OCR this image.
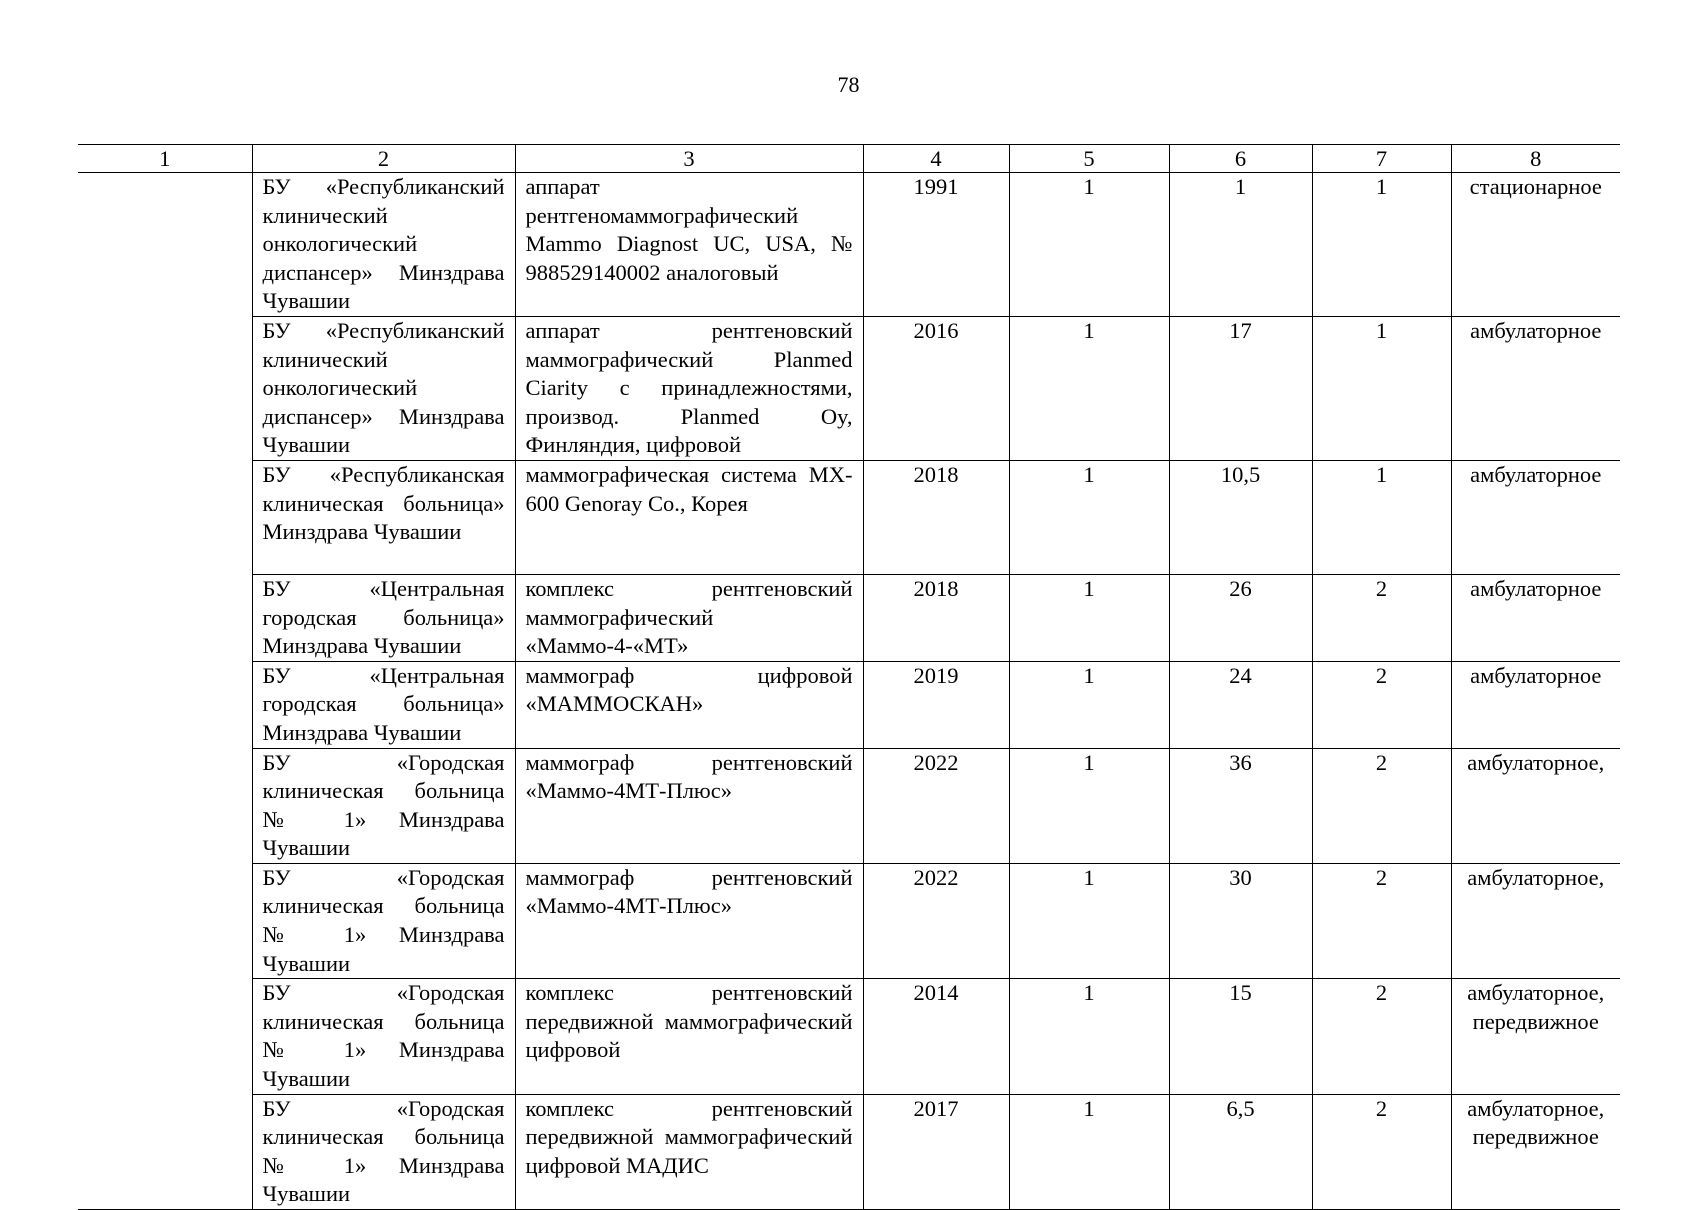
78
1	2	3	4	5	6	7	8
	БУ «Республиканский клинический онкологический диспансер» Минздрава Чувашии	аппарат рентгеномаммографический Mammo Diagnost UC, USA, № 988529140002 аналоговый	1991	1	1	1	стационарное
	БУ «Республиканский клинический онкологический диспансер» Минздрава Чувашии	аппарат рентгеновский маммографический Planmed Ciarity с принадлежностями, производ. Planmed Oy, Финляндия, цифровой	2016	1	17	1	амбулаторное
	БУ «Республиканская клиническая больница» Минздрава Чувашии	маммографическая система MX-600 Genoray Co., Корея	2018	1	10,5	1	амбулаторное
	БУ «Центральная городская больница» Минздрава Чувашии	комплекс рентгеновский маммографический «Маммо-4-«МТ»	2018	1	26	2	амбулаторное
	БУ «Центральная городская больница» Минздрава Чувашии	маммограф цифровой «МАММОСКАН»	2019	1	24	2	амбулаторное
	БУ «Городская клиническая больница № 1» Минздрава Чувашии	маммограф рентгеновский «Маммо-4МТ-Плюс»	2022	1	36	2	амбулаторное,
	БУ «Городская клиническая больница № 1» Минздрава Чувашии	маммограф рентгеновский «Маммо-4МТ-Плюс»	2022	1	30	2	амбулаторное,
	БУ «Городская клиническая больница № 1» Минздрава Чувашии	комплекс рентгеновский передвижной маммографический цифровой	2014	1	15	2	амбулаторное, передвижное
	БУ «Городская клиническая больница № 1» Минздрава Чувашии	комплекс рентгеновский передвижной маммографический цифровой МАДИС	2017	1	6,5	2	амбулаторное, передвижное
